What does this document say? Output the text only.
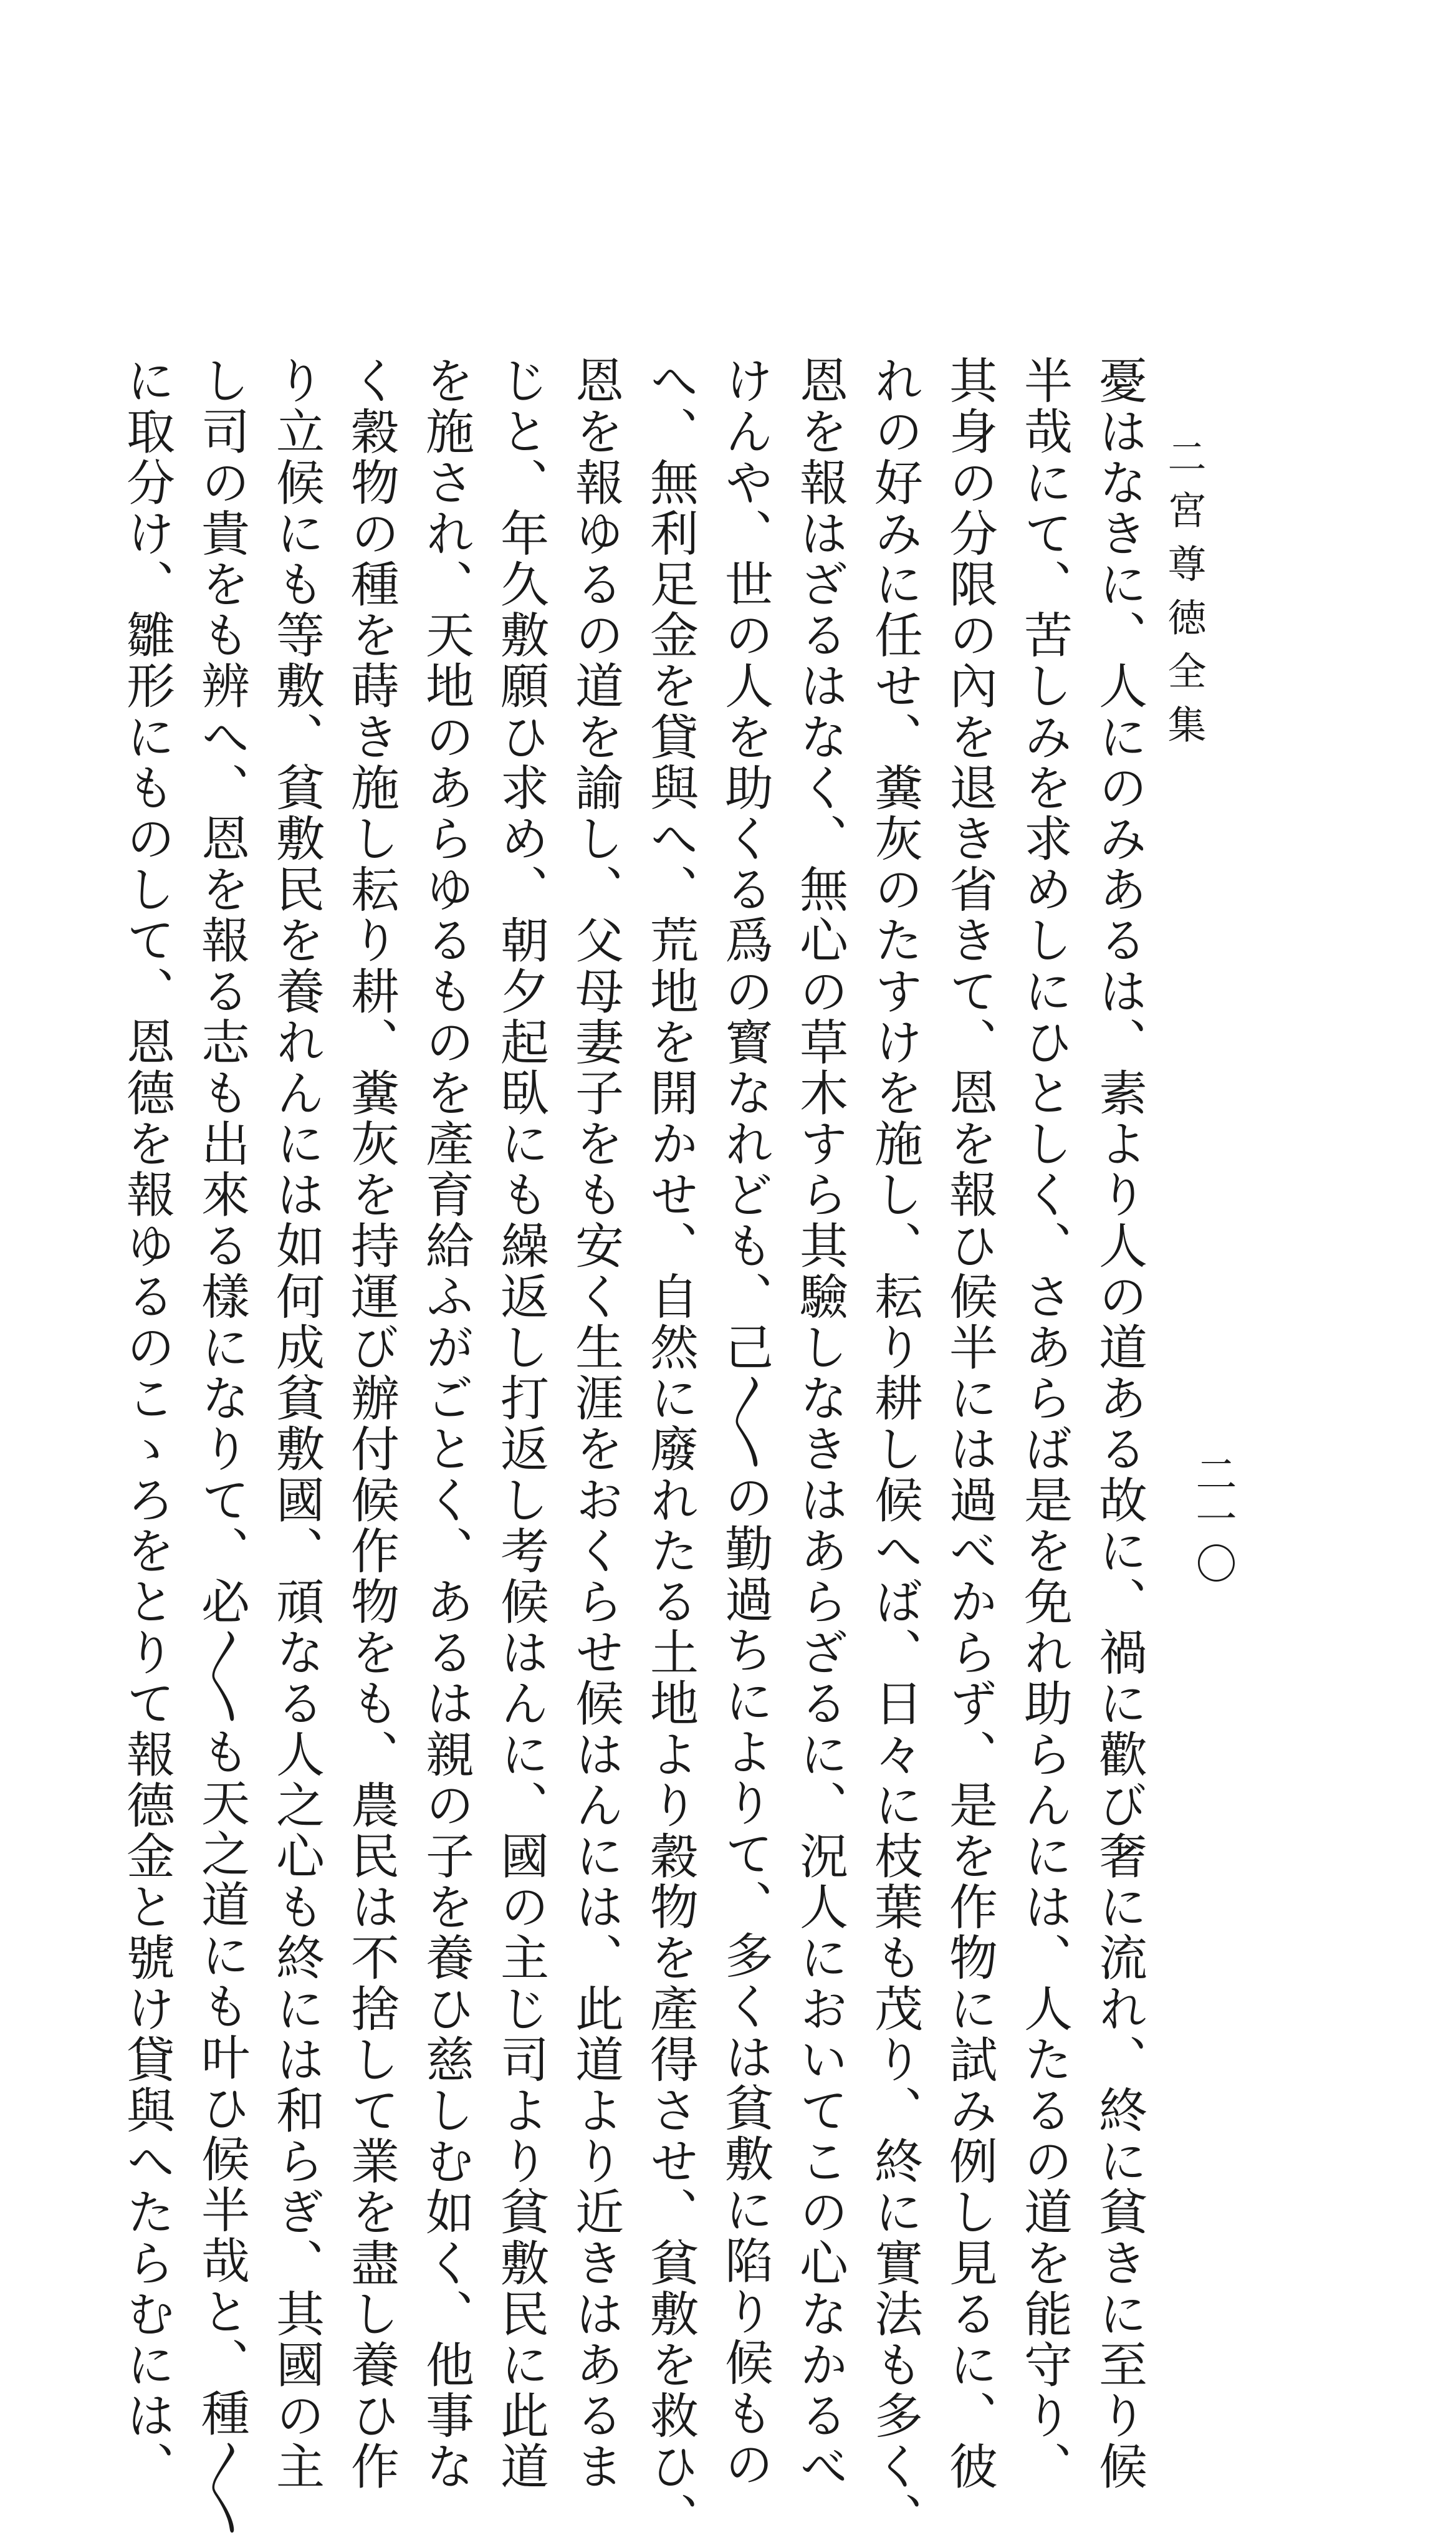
二宮尊徳全集
二一〇
憂はなきに、人にのみあるは、素より人の道ある故に、禍に歡び奢に流れ、終に貧きに至り候
半哉にて、苦しみを求めしにひとしく、さあらば是を免れ助らんには、人たるの道を能守り、
其身の分限の內を退き省きて、恩を報ひ候半には過べからず、是を作物に試み例し見るに、彼
れの好みに任せ、糞灰のたすけを施し、耘り耕し候へば、日々に枝葉も茂り、終に實法も多く、
恩を報はざるはなく、無心の草木すら其驗しなきはあらざるに、況人においてこの心なかるべ
けんや、世の人を助くる爲の寳なれども、己〳〵の勤過ちによりて、多くは貧敷に陷り候もの
へ、無利足金を貸與へ、荒地を開かせ、自然に廢れたる土地より穀物を產得させ、貧敷を救ひ、
恩を報ゆるの道を諭し、父母妻子をも安く生涯をおくらせ候はんには、此道より近きはあるま
じと、年久敷願ひ求め、朝夕起臥にも繰返し打返し考候はんに、國の主じ司より貧敷民に此道
を施され、天地のあらゆるものを產育給ふがごとく、あるは親の子を養ひ慈しむ如く、他事な
く穀物の種を蒔き施し耘り耕、糞灰を持運び辦付候作物をも、農民は不捨して業を盡し養ひ作
り立候にも等敷、貧敷民を養れんには如何成貧敷國、頑なる人之心も終には和らぎ、其國の主
し司の貴をも辨へ、恩を報る志も出來る樣になりて、必〳〵も天之道にも叶ひ候半哉と、種〳〵
に取分け、雛形にものして、恩德を報ゆるのこゝろをとりて報德金と號け貸與へたらむには、
